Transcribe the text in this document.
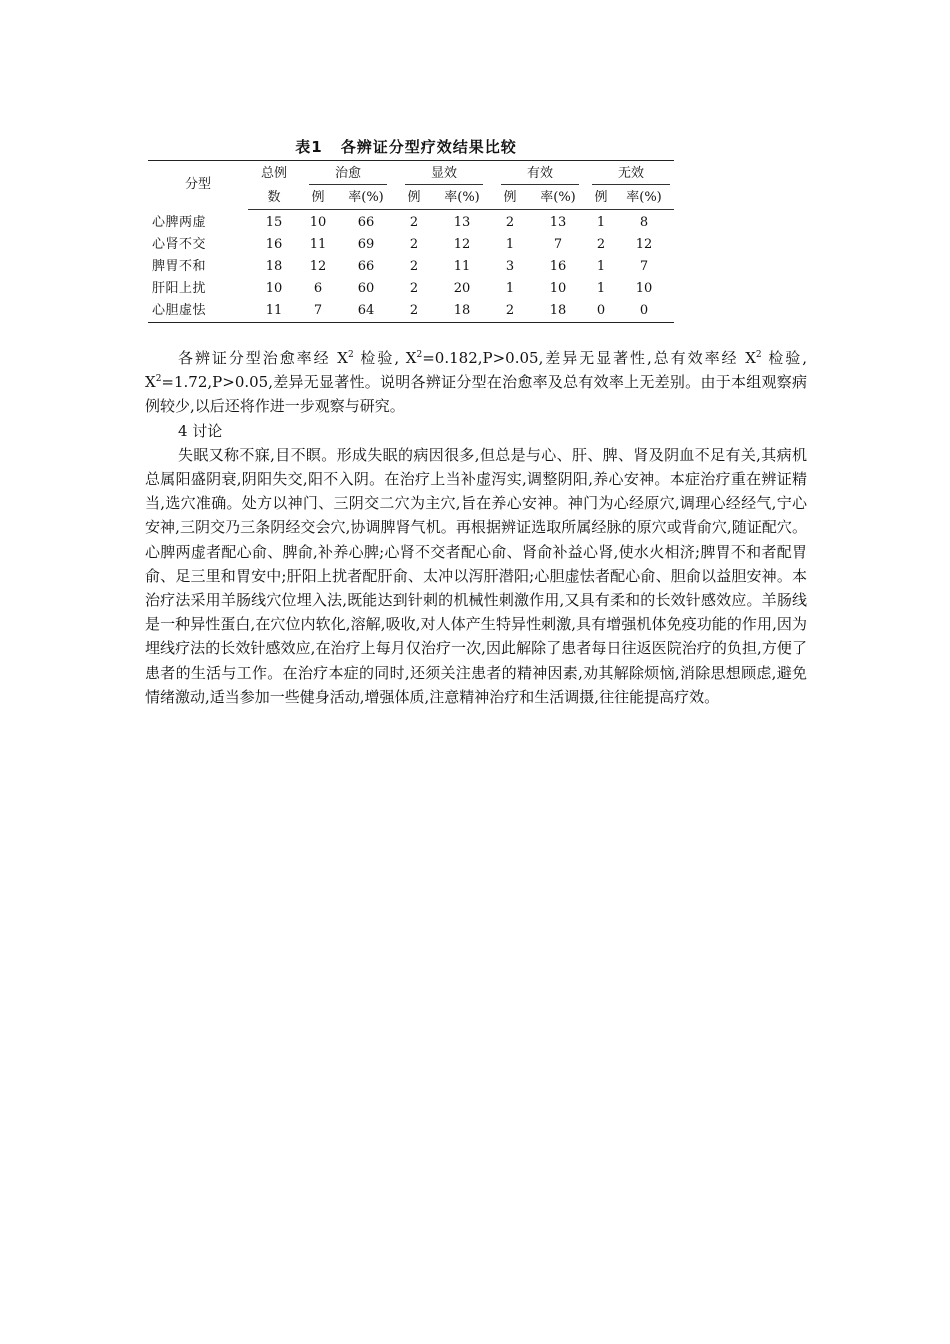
表1 各辨证分型疗效结果比较
分型	总例	治愈		显效		有效		无效	
	数	例	率(%)	例	率(%)	例	率(%)	例	率(%)
心脾两虚	15	10	66	2	13	2	13	1	8
心肾不交	16	11	69	2	12	1	7	2	12
脾胃不和	18	12	66	2	11	3	16	1	7
肝阳上扰	10	6	60	2	20	1	10	1	10
心胆虚怯	11	7	64	2	18	2	18	0	0

各辨证分型治愈率经 $X^2$ 检验, $X^2=0.182,P>0.05$,差异无显著性,总有效率经 $X^2$ 检验, $X^2=1.72,P>0.05$,差异无显著性。说明各辨证分型在治愈率及总有效率上无差别。由于本组观察病例较少,以后还将作进一步观察与研究。

4 讨论

失眠又称不寐,目不瞑。形成失眠的病因很多,但总是与心、肝、脾、肾及阴血不足有关,其病机总属阳盛阴衰,阴阳失交,阳不入阴。在治疗上当补虚泻实,调整阴阳,养心安神。本症治疗重在辨证精当,选穴准确。处方以神门、三阴交二穴为主穴,旨在养心安神。神门为心经原穴,调理心经经气,宁心安神,三阴交乃三条阴经交会穴,协调脾肾气机。再根据辨证选取所属经脉的原穴或背俞穴,随证配穴。心脾两虚者配心俞、脾俞,补养心脾;心肾不交者配心俞、肾俞补益心肾,使水火相济;脾胃不和者配胃俞、足三里和胃安中;肝阳上扰者配肝俞、太冲以泻肝潜阳;心胆虚怯者配心俞、胆俞以益胆安神。本治疗法采用羊肠线穴位埋入法,既能达到针刺的机械性刺激作用,又具有柔和的长效针感效应。羊肠线是一种异性蛋白,在穴位内软化,溶解,吸收,对人体产生特异性刺激,具有增强机体免疫功能的作用,因为埋线疗法的长效针感效应,在治疗上每月仅治疗一次,因此解除了患者每日往返医院治疗的负担,方便了患者的生活与工作。在治疗本症的同时,还须关注患者的精神因素,劝其解除烦恼,消除思想顾虑,避免情绪激动,适当参加一些健身活动,增强体质,注意精神治疗和生活调摄,往往能提高疗效。
